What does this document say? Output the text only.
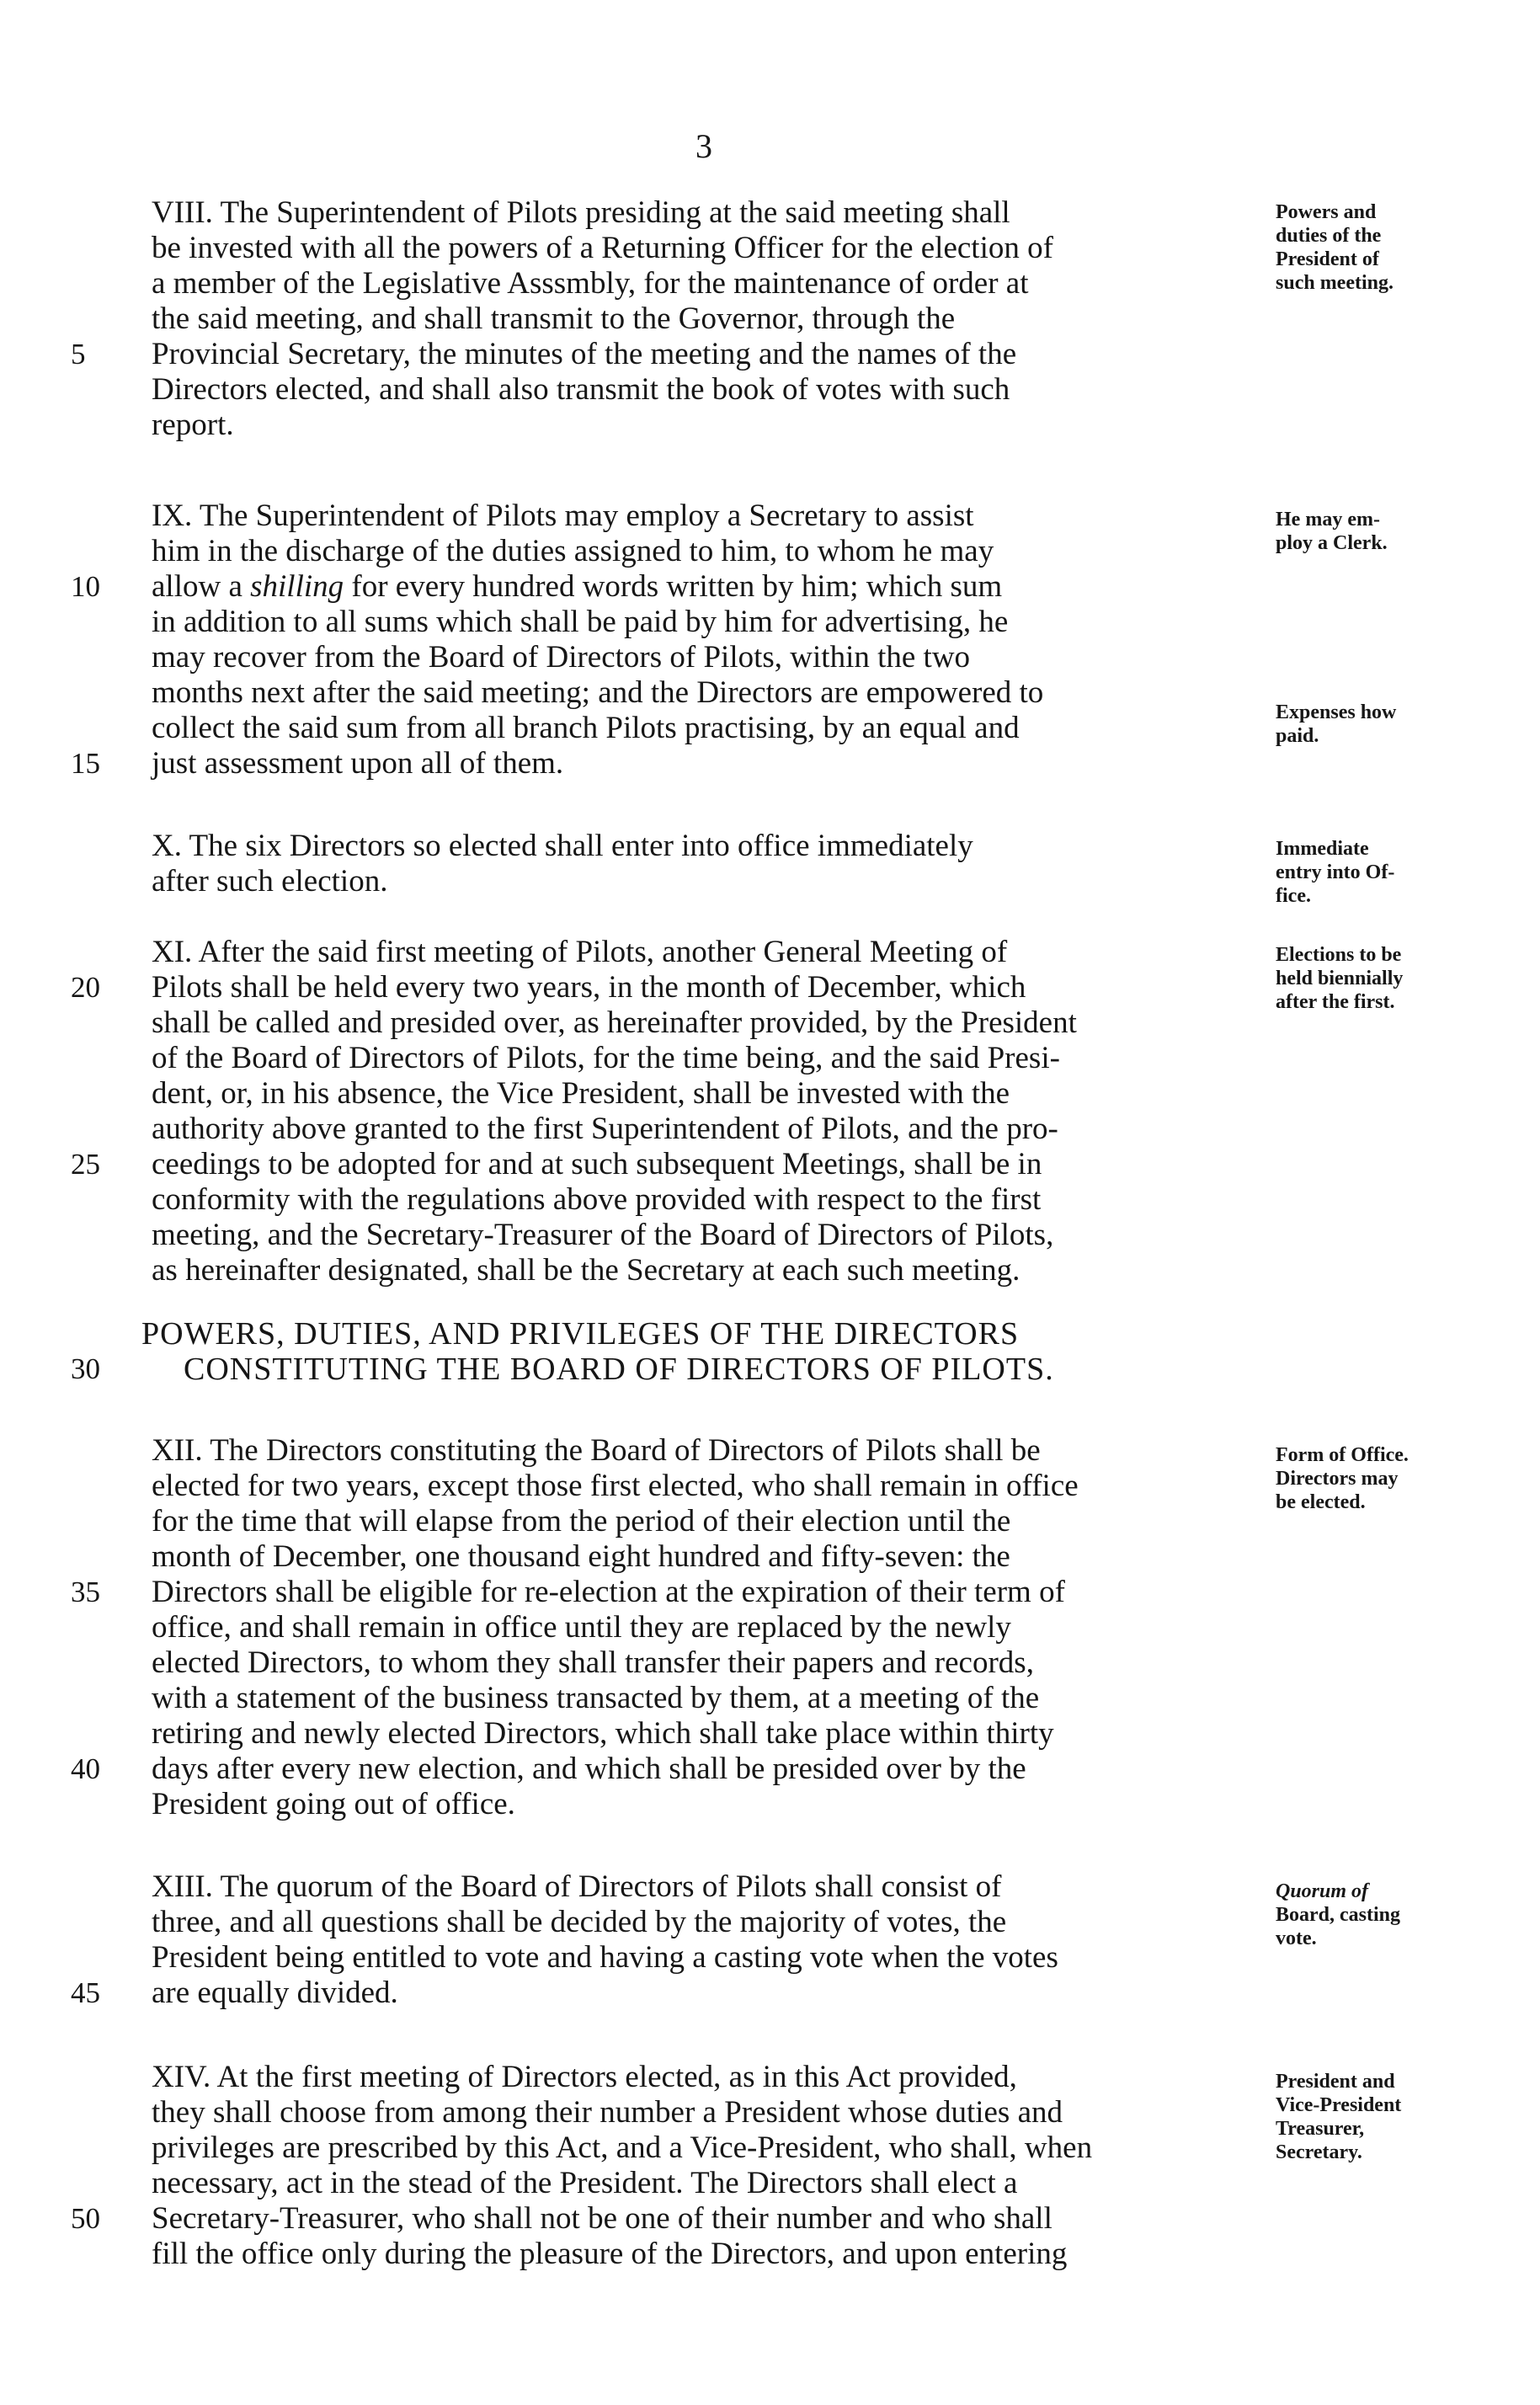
3
VIII. The Superintendent of Pilots presiding at the said meeting shall
be invested with all the powers of a Returning Officer for the election of
a member of the Legislative Asssmbly, for the maintenance of order at
the said meeting, and shall transmit to the Governor, through the
Provincial Secretary, the minutes of the meeting and the names of the
Directors elected, and shall also transmit the book of votes with such
report.
Powers and
duties of the
President of
such meeting.
5
IX. The Superintendent of Pilots may employ a Secretary to assist
him in the discharge of the duties assigned to him, to whom he may
allow a shilling for every hundred words written by him; which sum
in addition to all sums which shall be paid by him for advertising, he
may recover from the Board of Directors of Pilots, within the two
months next after the said meeting; and the Directors are empowered to
collect the said sum from all branch Pilots practising, by an equal and
just assessment upon all of them.
He may em-
ploy a Clerk.
Expenses how
paid.
10
15
X. The six Directors so elected shall enter into office immediately
after such election.
Immediate
entry into Of-
fice.
XI. After the said first meeting of Pilots, another General Meeting of
Pilots shall be held every two years, in the month of December, which
shall be called and presided over, as hereinafter provided, by the President
of the Board of Directors of Pilots, for the time being, and the said Presi-
dent, or, in his absence, the Vice President, shall be invested with the
authority above granted to the first Superintendent of Pilots, and the pro-
ceedings to be adopted for and at such subsequent Meetings, shall be in
conformity with the regulations above provided with respect to the first
meeting, and the Secretary-Treasurer of the Board of Directors of Pilots,
as hereinafter designated, shall be the Secretary at each such meeting.
Elections to be
held biennially
after the first.
20
25
POWERS, DUTIES, AND PRIVILEGES OF THE DIRECTORS
CONSTITUTING THE BOARD OF DIRECTORS OF PILOTS.
30
XII. The Directors constituting the Board of Directors of Pilots shall be
elected for two years, except those first elected, who shall remain in office
for the time that will elapse from the period of their election until the
month of December, one thousand eight hundred and fifty-seven: the
Directors shall be eligible for re-election at the expiration of their term of
office, and shall remain in office until they are replaced by the newly
elected Directors, to whom they shall transfer their papers and records,
with a statement of the business transacted by them, at a meeting of the
retiring and newly elected Directors, which shall take place within thirty
days after every new election, and which shall be presided over by the
President going out of office.
Form of Office.
Directors may
be elected.
35
40
XIII. The quorum of the Board of Directors of Pilots shall consist of
three, and all questions shall be decided by the majority of votes, the
President being entitled to vote and having a casting vote when the votes
are equally divided.
Quorum of
Board, casting
vote.
45
XIV. At the first meeting of Directors elected, as in this Act provided,
they shall choose from among their number a President whose duties and
privileges are prescribed by this Act, and a Vice-President, who shall, when
necessary, act in the stead of the President. The Directors shall elect a
Secretary-Treasurer, who shall not be one of their number and who shall
fill the office only during the pleasure of the Directors, and upon entering
President and
Vice-President
Treasurer,
Secretary.
50
